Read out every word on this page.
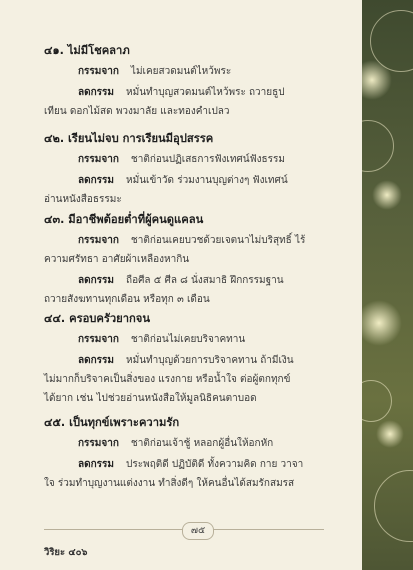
๔๑. ไม่มีโชคลาภ
กรรมจาก ไม่เคยสวดมนต์ไหว้พระ
ลดกรรม หมั่นทำบุญสวดมนต์ไหว้พระ ถวายธูป
เทียน ดอกไม้สด พวงมาลัย และทองคำเปลว
๔๒. เรียนไม่จบ การเรียนมีอุปสรรค
กรรมจาก ชาติก่อนปฏิเสธการฟังเทศน์ฟังธรรม
ลดกรรม หมั่นเข้าวัด ร่วมงานบุญต่างๆ ฟังเทศน์
อ่านหนังสือธรรมะ
๔๓. มีอาชีพต้อยต่ำที่ผู้คนดูแคลน
กรรมจาก ชาติก่อนเคยบวชด้วยเจตนาไม่บริสุทธิ์ ไร้
ความศรัทธา อาศัยผ้าเหลืองหากิน
ลดกรรม ถือศีล ๕ ศีล ๘ นั่งสมาธิ ฝึกกรรมฐาน
ถวายสังฆทานทุกเดือน หรือทุก ๓ เดือน
๔๔. ครอบครัวยากจน
กรรมจาก ชาติก่อนไม่เคยบริจาคทาน
ลดกรรม หมั่นทำบุญด้วยการบริจาคทาน ถ้ามีเงิน
ไม่มากก็บริจาคเป็นสิ่งของ แรงกาย หรือน้ำใจ ต่อผู้ตกทุกข์
ได้ยาก เช่น ไปช่วยอ่านหนังสือให้มูลนิธิคนตาบอด
๔๕. เป็นทุกข์เพราะความรัก
กรรมจาก ชาติก่อนเจ้าชู้ หลอกผู้อื่นให้อกหัก
ลดกรรม ประพฤติดี ปฏิบัติดี ทั้งความคิด กาย วาจา
ใจ ร่วมทำบุญงานแต่งงาน ทำสิ่งดีๆ ให้คนอื่นได้สมรักสมรส
๗๕
วิริยะ ๔๐๖
